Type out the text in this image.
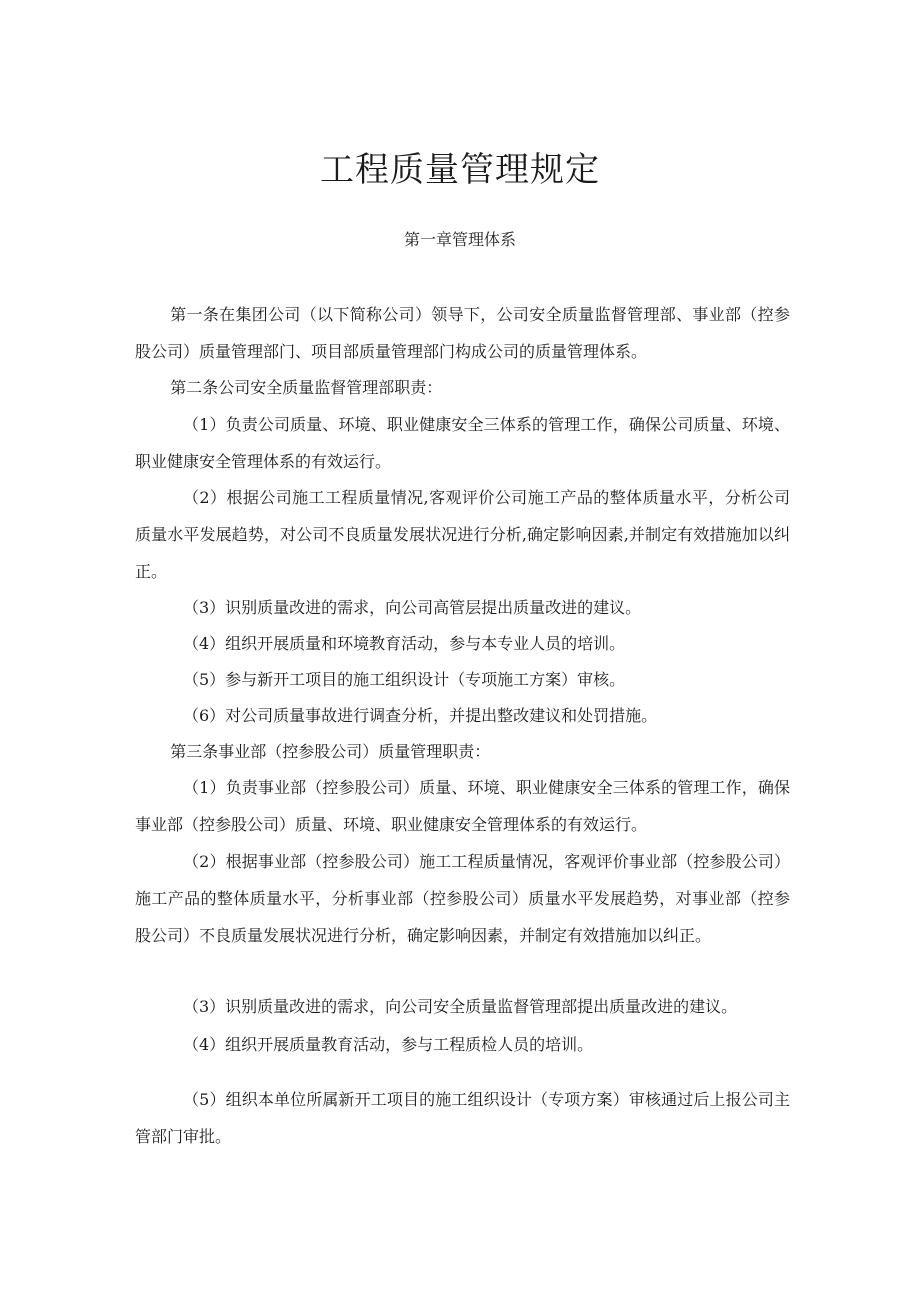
工程质量管理规定
第一章管理体系

第一条在集团公司（以下简称公司）领导下，公司安全质量监督管理部、事业部（控参股公司）质量管理部门、项目部质量管理部门构成公司的质量管理体系。

第二条公司安全质量监督管理部职责：

（1）负责公司质量、环境、职业健康安全三体系的管理工作，确保公司质量、环境、职业健康安全管理体系的有效运行。

（2）根据公司施工工程质量情况,客观评价公司施工产品的整体质量水平，分析公司质量水平发展趋势，对公司不良质量发展状况进行分析,确定影响因素,并制定有效措施加以纠正。

（3）识别质量改进的需求，向公司高管层提出质量改进的建议。

（4）组织开展质量和环境教育活动，参与本专业人员的培训。

（5）参与新开工项目的施工组织设计（专项施工方案）审核。

（6）对公司质量事故进行调查分析，并提出整改建议和处罚措施。

第三条事业部（控参股公司）质量管理职责：

（1）负责事业部（控参股公司）质量、环境、职业健康安全三体系的管理工作，确保事业部（控参股公司）质量、环境、职业健康安全管理体系的有效运行。

（2）根据事业部（控参股公司）施工工程质量情况，客观评价事业部（控参股公司）施工产品的整体质量水平，分析事业部（控参股公司）质量水平发展趋势，对事业部（控参股公司）不良质量发展状况进行分析，确定影响因素，并制定有效措施加以纠正。

（3）识别质量改进的需求，向公司安全质量监督管理部提出质量改进的建议。

（4）组织开展质量教育活动，参与工程质检人员的培训。

（5）组织本单位所属新开工项目的施工组织设计（专项方案）审核通过后上报公司主管部门审批。
